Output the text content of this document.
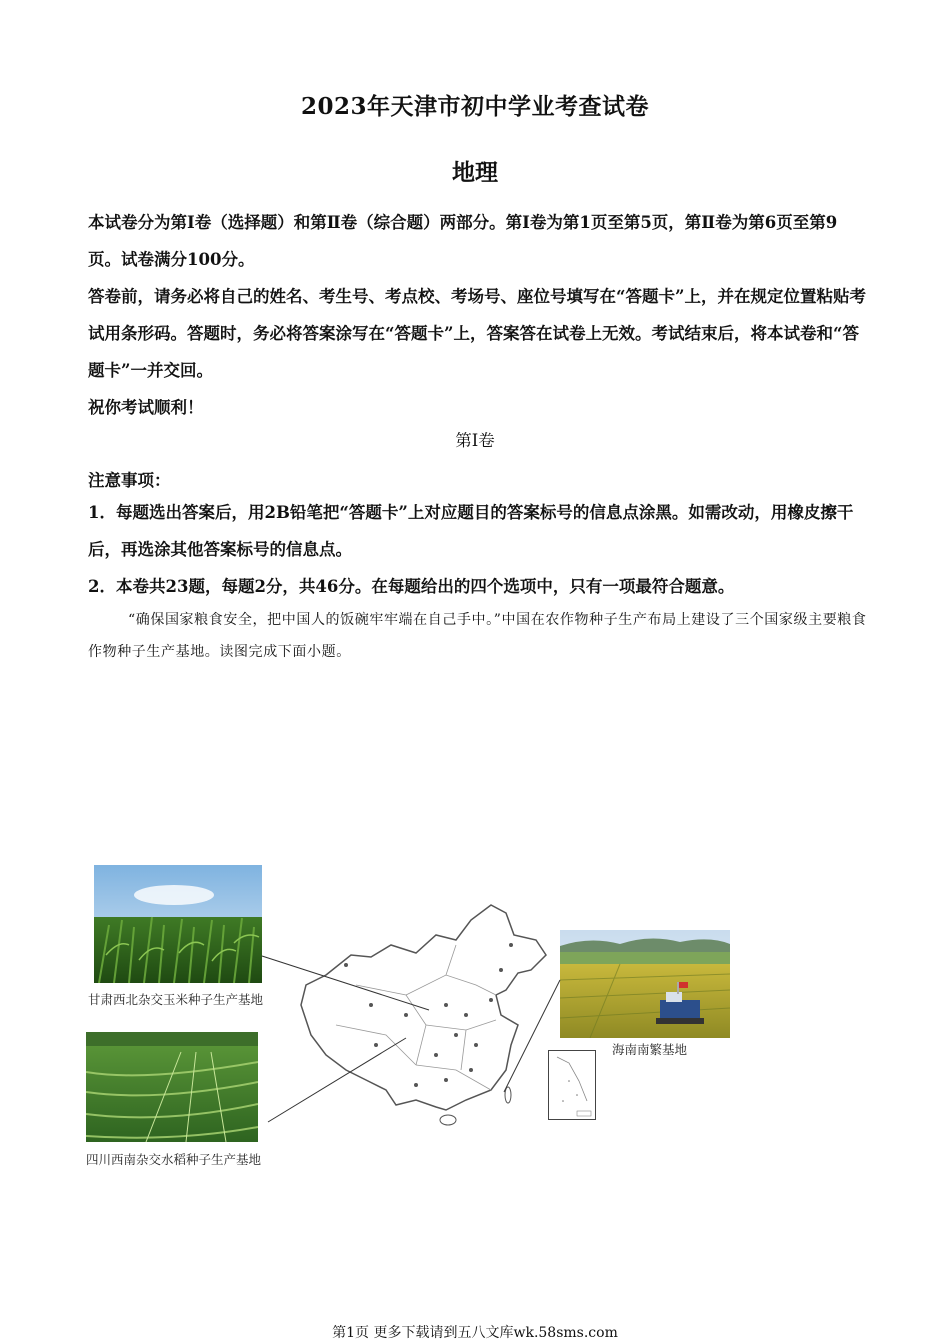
2023年天津市初中学业考查试卷
地理
本试卷分为第Ⅰ卷（选择题）和第Ⅱ卷（综合题）两部分。第Ⅰ卷为第1页至第5页，第Ⅱ卷为第6页至第9页。试卷满分100分。
答卷前，请务必将自己的姓名、考生号、考点校、考场号、座位号填写在“答题卡”上，并在规定位置粘贴考试用条形码。答题时，务必将答案涂写在“答题卡”上，答案答在试卷上无效。考试结束后，将本试卷和“答题卡”一并交回。
祝你考试顺利！
第Ⅰ卷
注意事项：
1．每题选出答案后，用2B铅笔把“答题卡”上对应题目的答案标号的信息点涂黑。如需改动，用橡皮擦干后，再选涂其他答案标号的信息点。
2．本卷共23题，每题2分，共46分。在每题给出的四个选项中，只有一项最符合题意。
“确保国家粮食安全，把中国人的饭碗牢牢端在自己手中。”中国在农作物种子生产布局上建设了三个国家级主要粮食作物种子生产基地。读图完成下面小题。
甘肃西北杂交玉米种子生产基地
四川西南杂交水稻种子生产基地
海南南繁基地
第1页 更多下载请到五八文库wk.58sms.com
